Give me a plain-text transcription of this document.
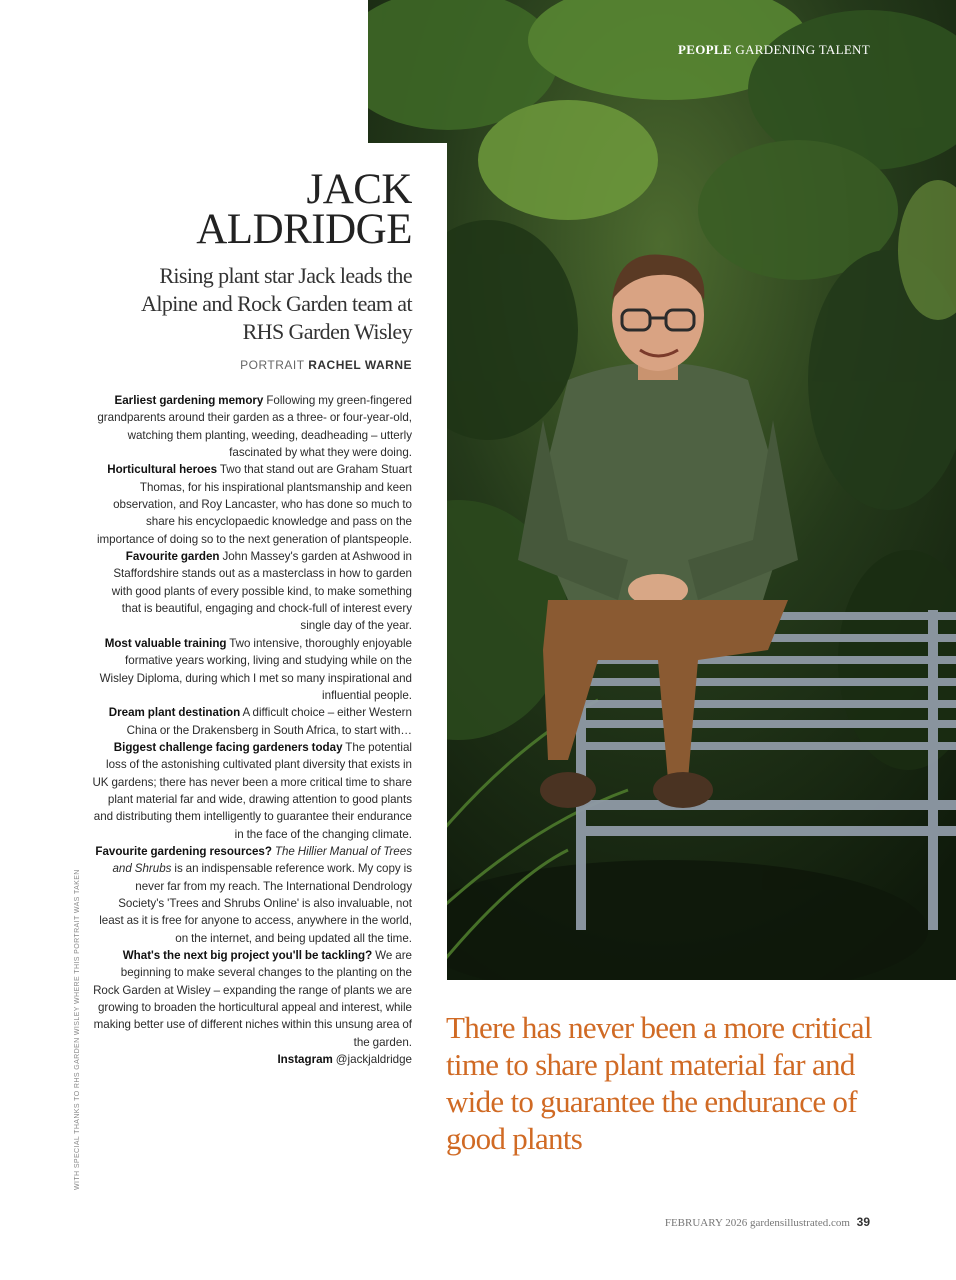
PEOPLE GARDENING TALENT
JACK
ALDRIDGE
Rising plant star Jack leads the Alpine and Rock Garden team at RHS Garden Wisley
PORTRAIT RACHEL WARNE

Earliest gardening memory Following my green-fingered grandparents around their garden as a three- or four-year-old, watching them planting, weeding, deadheading – utterly fascinated by what they were doing.

Horticultural heroes Two that stand out are Graham Stuart Thomas, for his inspirational plantsmanship and keen observation, and Roy Lancaster, who has done so much to share his encyclopaedic knowledge and pass on the importance of doing so to the next generation of plantspeople.

Favourite garden John Massey's garden at Ashwood in Staffordshire stands out as a masterclass in how to garden with good plants of every possible kind, to make something that is beautiful, engaging and chock-full of interest every single day of the year.

Most valuable training Two intensive, thoroughly enjoyable formative years working, living and studying while on the Wisley Diploma, during which I met so many inspirational and influential people.

Dream plant destination A difficult choice – either Western China or the Drakensberg in South Africa, to start with…

Biggest challenge facing gardeners today The potential loss of the astonishing cultivated plant diversity that exists in UK gardens; there has never been a more critical time to share plant material far and wide, drawing attention to good plants and distributing them intelligently to guarantee their endurance in the face of the changing climate.

Favourite gardening resources? The Hillier Manual of Trees and Shrubs is an indispensable reference work. My copy is never far from my reach. The International Dendrology Society's 'Trees and Shrubs Online' is also invaluable, not least as it is free for anyone to access, anywhere in the world, on the internet, and being updated all the time.

What's the next big project you'll be tackling? We are beginning to make several changes to the planting on the Rock Garden at Wisley – expanding the range of plants we are growing to broaden the horticultural appeal and interest, while making better use of different niches within this unsung area of the garden.

Instagram @jackjaldridge

WITH SPECIAL THANKS TO RHS GARDEN WISLEY WHERE THIS PORTRAIT WAS TAKEN	There has never been a more critical time to share plant material far and wide to guarantee the endurance of good plants
FEBRUARY 2026 gardensillustrated.com 39
